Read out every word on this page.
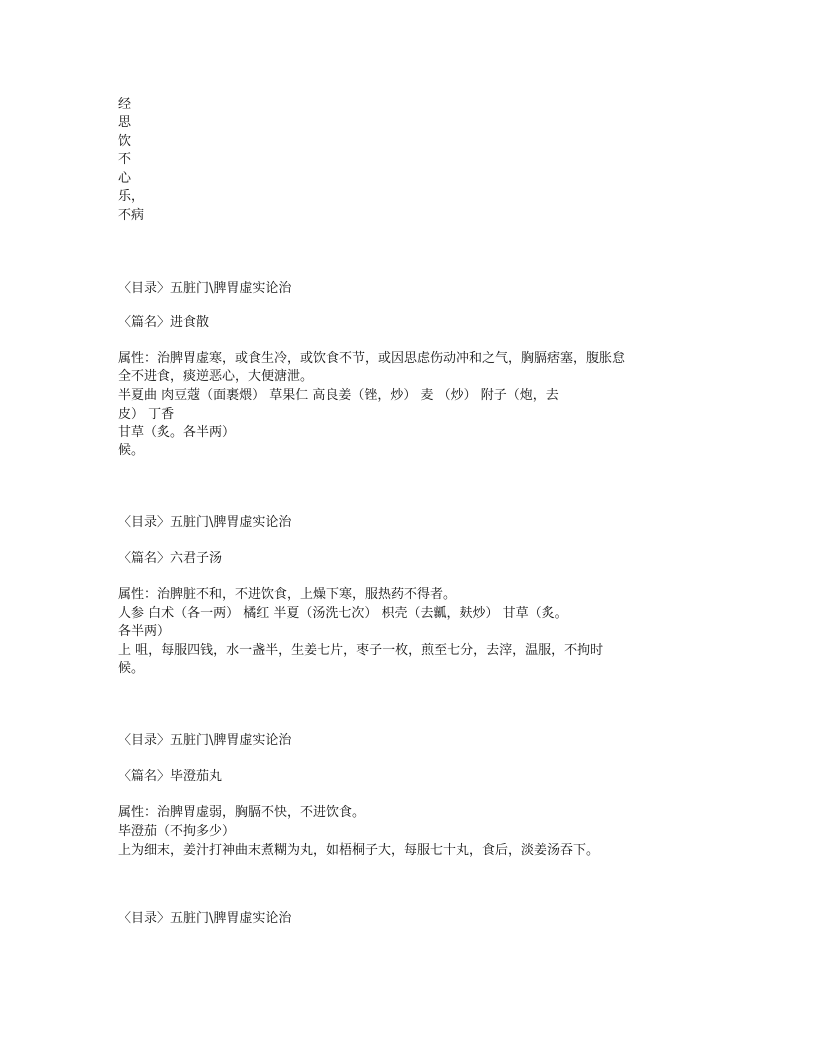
经
思
饮
不
心
乐，
不病
〈目录〉五脏门\脾胃虚实论治
〈篇名〉进食散
属性：治脾胃虚寒，或食生冷，或饮食不节，或因思虑伤动冲和之气，胸膈痞塞，腹胀怠
全不进食，痰逆恶心，大便溏泄。
半夏曲 肉豆蔻（面裹煨） 草果仁 高良姜（锉，炒） 麦 （炒） 附子（炮，去
皮） 丁香
甘草（炙。各半两）
候。
〈目录〉五脏门\脾胃虚实论治
〈篇名〉六君子汤
属性：治脾脏不和，不进饮食，上燥下寒，服热药不得者。
人参 白术（各一两） 橘红 半夏（汤洗七次） 枳壳（去瓤，麸炒） 甘草（炙。
各半两）
上 咀，每服四钱，水一盏半，生姜七片，枣子一枚，煎至七分，去滓，温服，不拘时
候。
〈目录〉五脏门\脾胃虚实论治
〈篇名〉毕澄茄丸
属性：治脾胃虚弱，胸膈不快，不进饮食。
毕澄茄（不拘多少）
上为细末，姜汁打神曲末煮糊为丸，如梧桐子大，每服七十丸，食后，淡姜汤吞下。
〈目录〉五脏门\脾胃虚实论治
